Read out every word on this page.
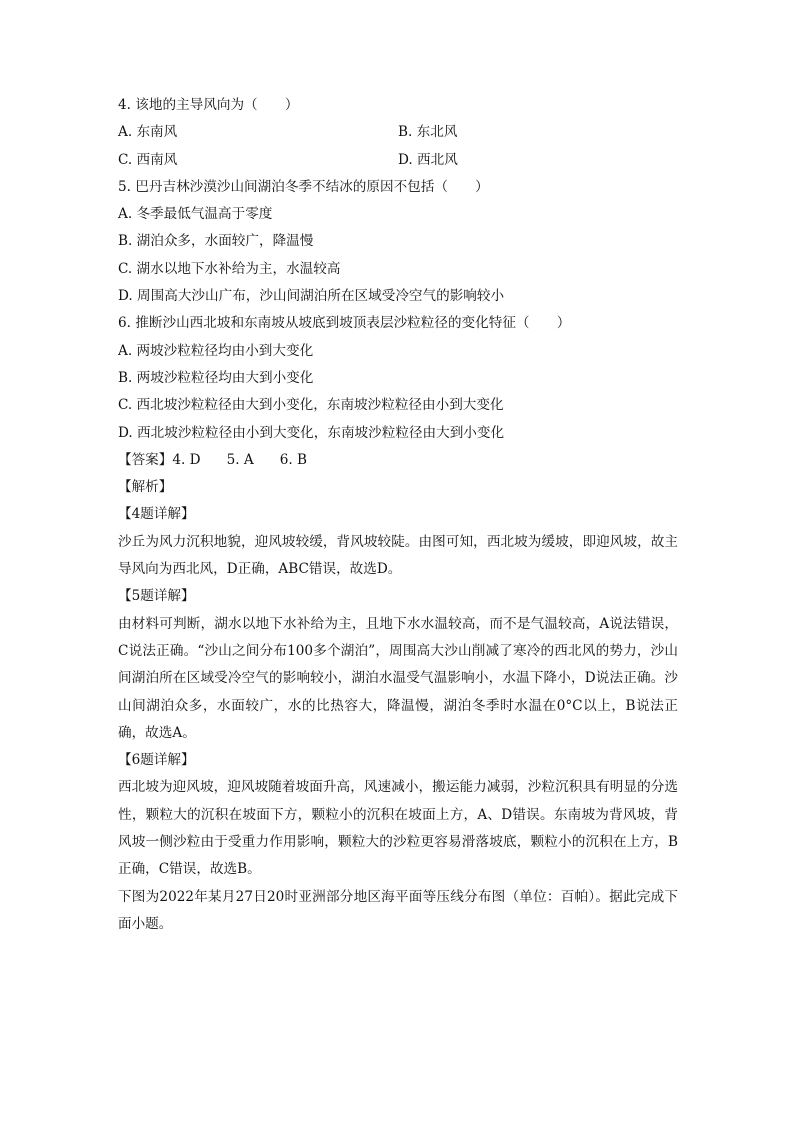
4. 该地的主导风向为（　　）
A. 东南风	B. 东北风
C. 西南风	D. 西北风
5. 巴丹吉林沙漠沙山间湖泊冬季不结冰的原因不包括（　　）
A. 冬季最低气温高于零度
B. 湖泊众多，水面较广，降温慢
C. 湖水以地下水补给为主，水温较高
D. 周围高大沙山广布，沙山间湖泊所在区域受冷空气的影响较小
6. 推断沙山西北坡和东南坡从坡底到坡顶表层沙粒粒径的变化特征（　　）
A. 两坡沙粒粒径均由小到大变化
B. 两坡沙粒粒径均由大到小变化
C. 西北坡沙粒粒径由大到小变化，东南坡沙粒粒径由小到大变化
D. 西北坡沙粒粒径由小到大变化，东南坡沙粒粒径由大到小变化
【答案】4. D 5. A 6. B
【解析】
【4题详解】
沙丘为风力沉积地貌，迎风坡较缓，背风坡较陡。由图可知，西北坡为缓坡，即迎风坡，故主导风向为西北风，D正确，ABC错误，故选D。
【5题详解】
由材料可判断，湖水以地下水补给为主，且地下水水温较高，而不是气温较高，A说法错误，C说法正确。“沙山之间分布100多个湖泊”，周围高大沙山削减了寒冷的西北风的势力，沙山间湖泊所在区域受冷空气的影响较小，湖泊水温受气温影响小，水温下降小，D说法正确。沙山间湖泊众多，水面较广，水的比热容大，降温慢，湖泊冬季时水温在0°C以上，B说法正确，故选A。
【6题详解】
西北坡为迎风坡，迎风坡随着坡面升高，风速减小，搬运能力减弱，沙粒沉积具有明显的分选性，颗粒大的沉积在坡面下方，颗粒小的沉积在坡面上方，A、D错误。东南坡为背风坡，背风坡一侧沙粒由于受重力作用影响，颗粒大的沙粒更容易滑落坡底，颗粒小的沉积在上方，B正确，C错误，故选B。
下图为2022年某月27日20时亚洲部分地区海平面等压线分布图（单位：百帕）。据此完成下面小题。
